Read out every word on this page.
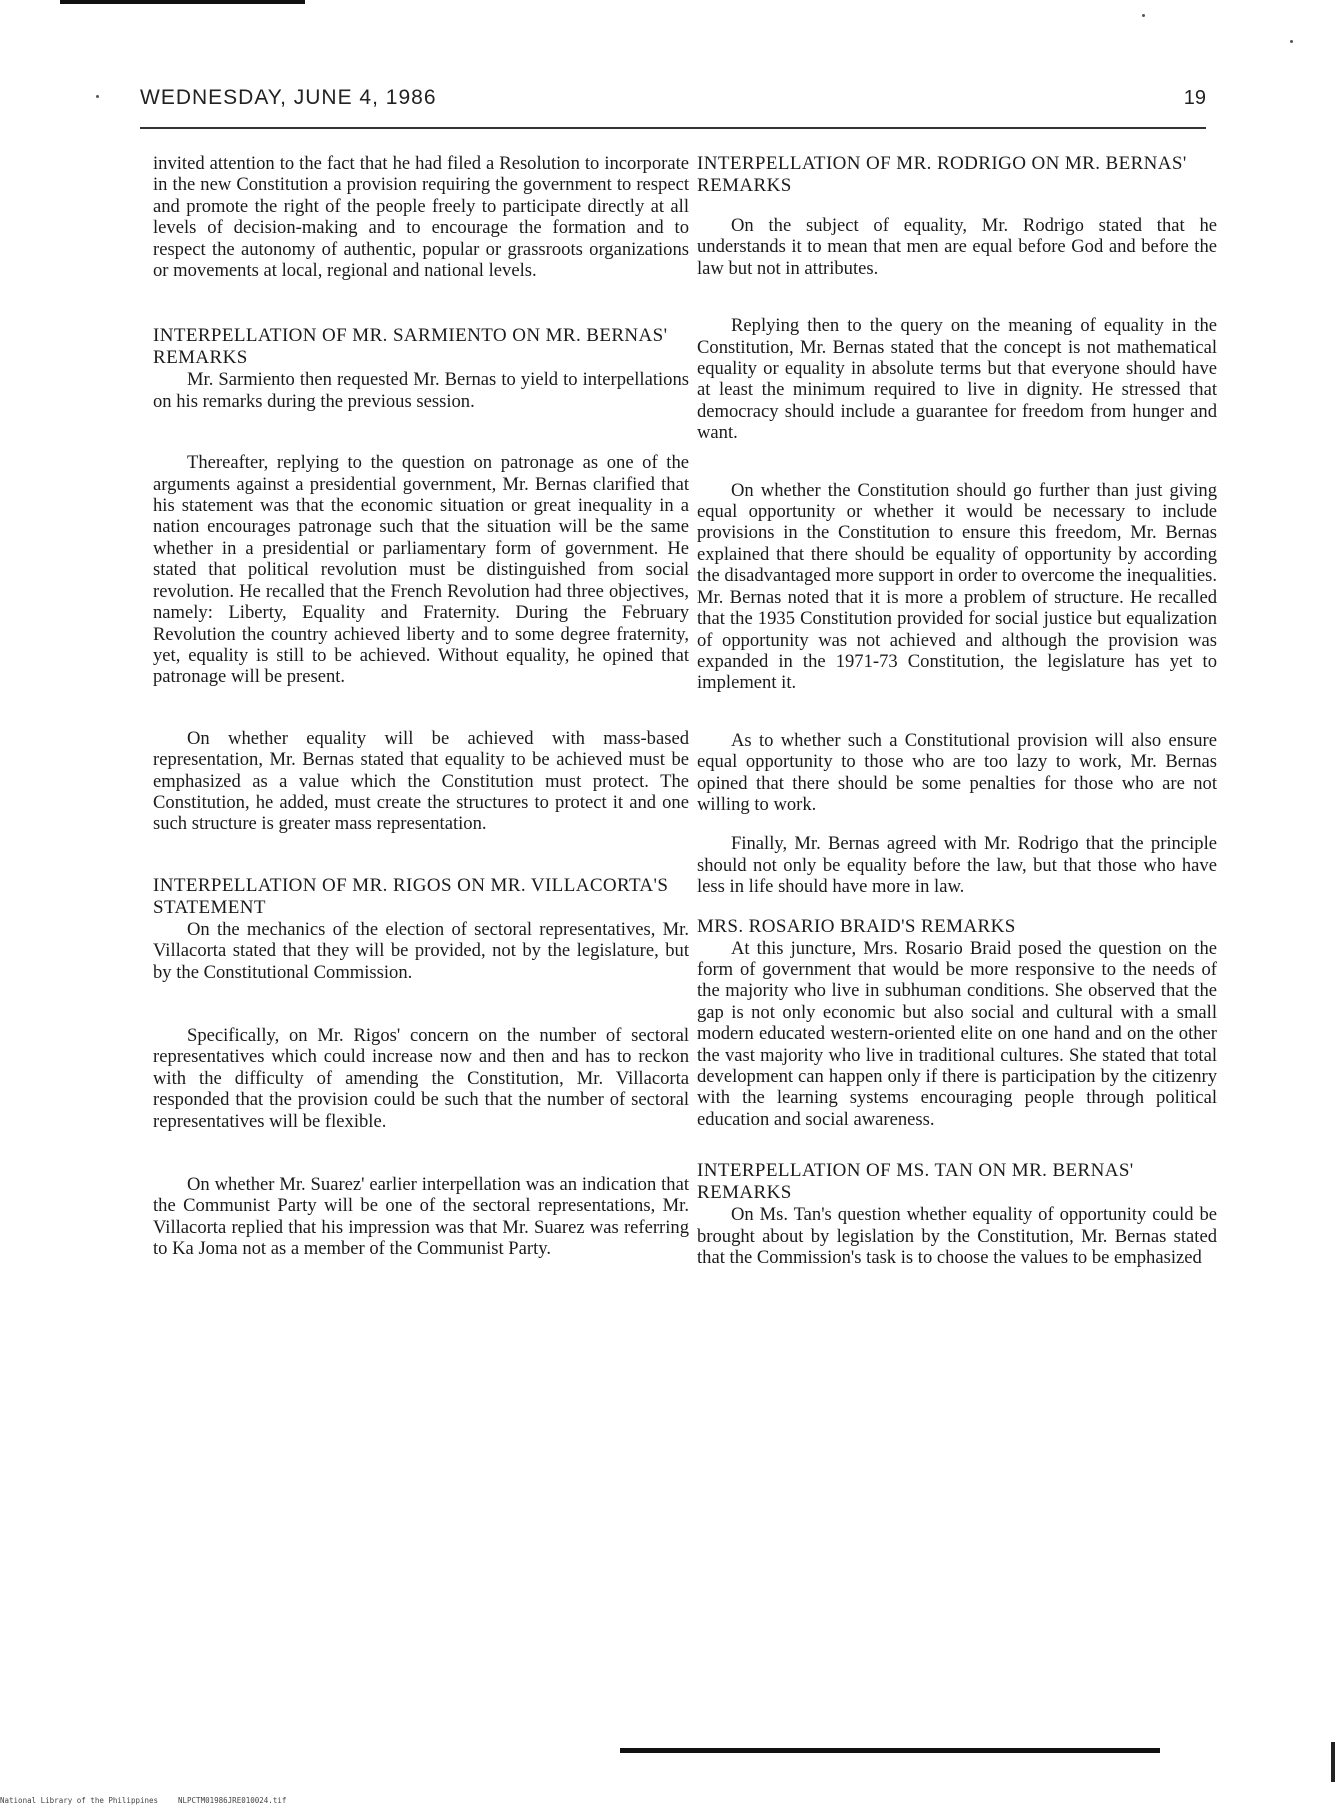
WEDNESDAY, JUNE 4, 1986	19

invited attention to the fact that he had filed a Resolution to incorporate in the new Constitution a provision requiring the government to respect and promote the right of the people freely to participate directly at all levels of decision-making and to encourage the formation and to respect the autonomy of authentic, popular or grassroots organizations or movements at local, regional and national levels.

INTERPELLATION OF MR. SARMIENTO ON MR. BERNAS' REMARKS

Mr. Sarmiento then requested Mr. Bernas to yield to interpellations on his remarks during the previous session.

Thereafter, replying to the question on patronage as one of the arguments against a presidential government, Mr. Bernas clarified that his statement was that the economic situation or great inequality in a nation encourages patronage such that the situation will be the same whether in a presidential or parliamentary form of government. He stated that political revolution must be distinguished from social revolution. He recalled that the French Revolution had three objectives, namely: Liberty, Equality and Fraternity. During the February Revolution the country achieved liberty and to some degree fraternity, yet, equality is still to be achieved. Without equality, he opined that patronage will be present.

On whether equality will be achieved with mass-based representation, Mr. Bernas stated that equality to be achieved must be emphasized as a value which the Constitution must protect. The Constitution, he added, must create the structures to protect it and one such structure is greater mass representation.

INTERPELLATION OF MR. RIGOS ON MR. VILLACORTA'S STATEMENT

On the mechanics of the election of sectoral representatives, Mr. Villacorta stated that they will be provided, not by the legislature, but by the Constitutional Commission.

Specifically, on Mr. Rigos' concern on the number of sectoral representatives which could increase now and then and has to reckon with the difficulty of amending the Constitution, Mr. Villacorta responded that the provision could be such that the number of sectoral representatives will be flexible.

On whether Mr. Suarez' earlier interpellation was an indication that the Communist Party will be one of the sectoral representations, Mr. Villacorta replied that his impression was that Mr. Suarez was referring to Ka Joma not as a member of the Communist Party.

INTERPELLATION OF MR. RODRIGO ON MR. BERNAS' REMARKS

On the subject of equality, Mr. Rodrigo stated that he understands it to mean that men are equal before God and before the law but not in attributes.

Replying then to the query on the meaning of equality in the Constitution, Mr. Bernas stated that the concept is not mathematical equality or equality in absolute terms but that everyone should have at least the minimum required to live in dignity. He stressed that democracy should include a guarantee for freedom from hunger and want.

On whether the Constitution should go further than just giving equal opportunity or whether it would be necessary to include provisions in the Constitution to ensure this freedom, Mr. Bernas explained that there should be equality of opportunity by according the disadvantaged more support in order to overcome the inequalities. Mr. Bernas noted that it is more a problem of structure. He recalled that the 1935 Constitution provided for social justice but equalization of opportunity was not achieved and although the provision was expanded in the 1971-73 Constitution, the legislature has yet to implement it.

As to whether such a Constitutional provision will also ensure equal opportunity to those who are too lazy to work, Mr. Bernas opined that there should be some penalties for those who are not willing to work.

Finally, Mr. Bernas agreed with Mr. Rodrigo that the principle should not only be equality before the law, but that those who have less in life should have more in law.

MRS. ROSARIO BRAID'S REMARKS

At this juncture, Mrs. Rosario Braid posed the question on the form of government that would be more responsive to the needs of the majority who live in subhuman conditions. She observed that the gap is not only economic but also social and cultural with a small modern educated western-oriented elite on one hand and on the other the vast majority who live in traditional cultures. She stated that total development can happen only if there is participation by the citizenry with the learning systems encouraging people through political education and social awareness.

INTERPELLATION OF MS. TAN ON MR. BERNAS' REMARKS

On Ms. Tan's question whether equality of opportunity could be brought about by legislation by the Constitution, Mr. Bernas stated that the Commission's task is to choose the values to be emphasized

National Library of the Philippines	NLPCTM01986JRE010024.tif
